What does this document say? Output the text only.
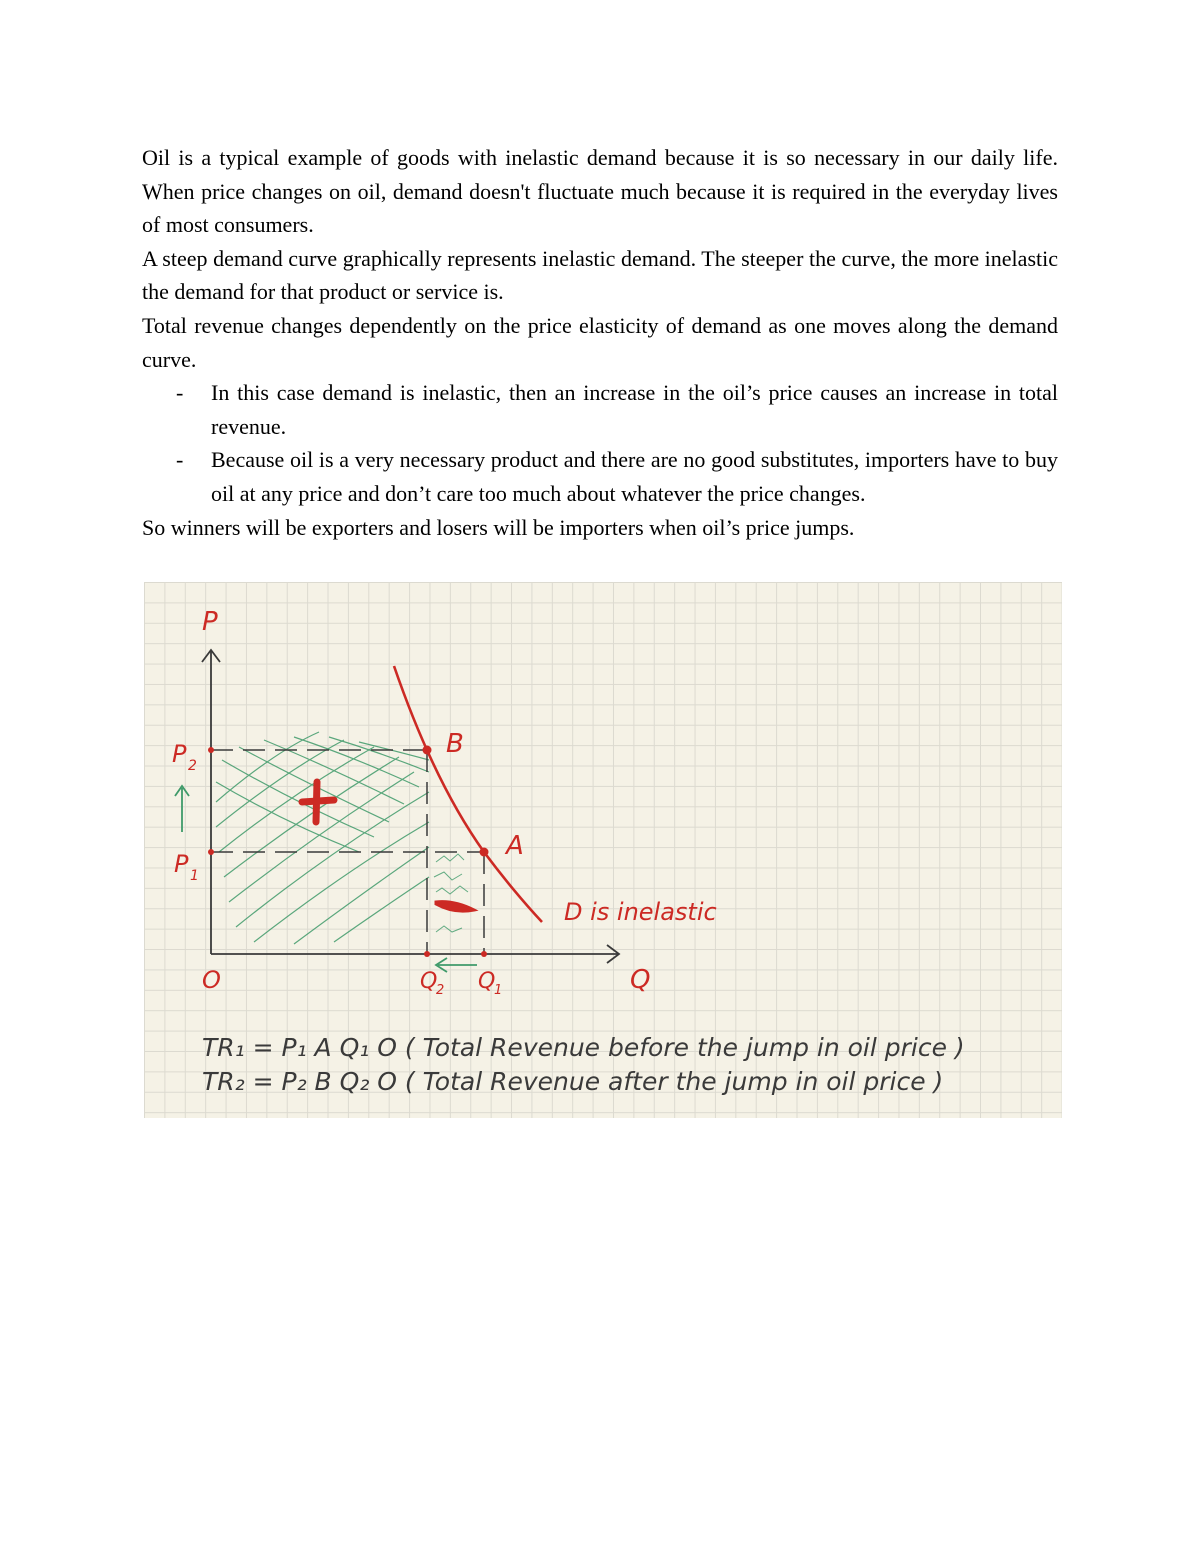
Oil is a typical example of goods with inelastic demand because it is so necessary in our daily life. When price changes on oil, demand doesn't fluctuate much because it is required in the everyday lives of most consumers.

A steep demand curve graphically represents inelastic demand. The steeper the curve, the more inelastic the demand for that product or service is.

Total revenue changes dependently on the price elasticity of demand as one moves along the demand curve.

- In this case demand is inelastic, then an increase in the oil’s price causes an increase in total revenue.
- Because oil is a very necessary product and there are no good substitutes, importers have to buy oil at any price and don’t care too much about whatever the price changes.

So winners will be exporters and losers will be importers when oil’s price jumps.

P
Q
O
P 2
P 1
Q
2 Q
1
B
A
D is inelastic
TR₁ = P₁ A Q₁ O ( Total Revenue before the jump in oil price )
TR₂ = P₂ B Q₂ O ( Total Revenue after the jump in oil price )
